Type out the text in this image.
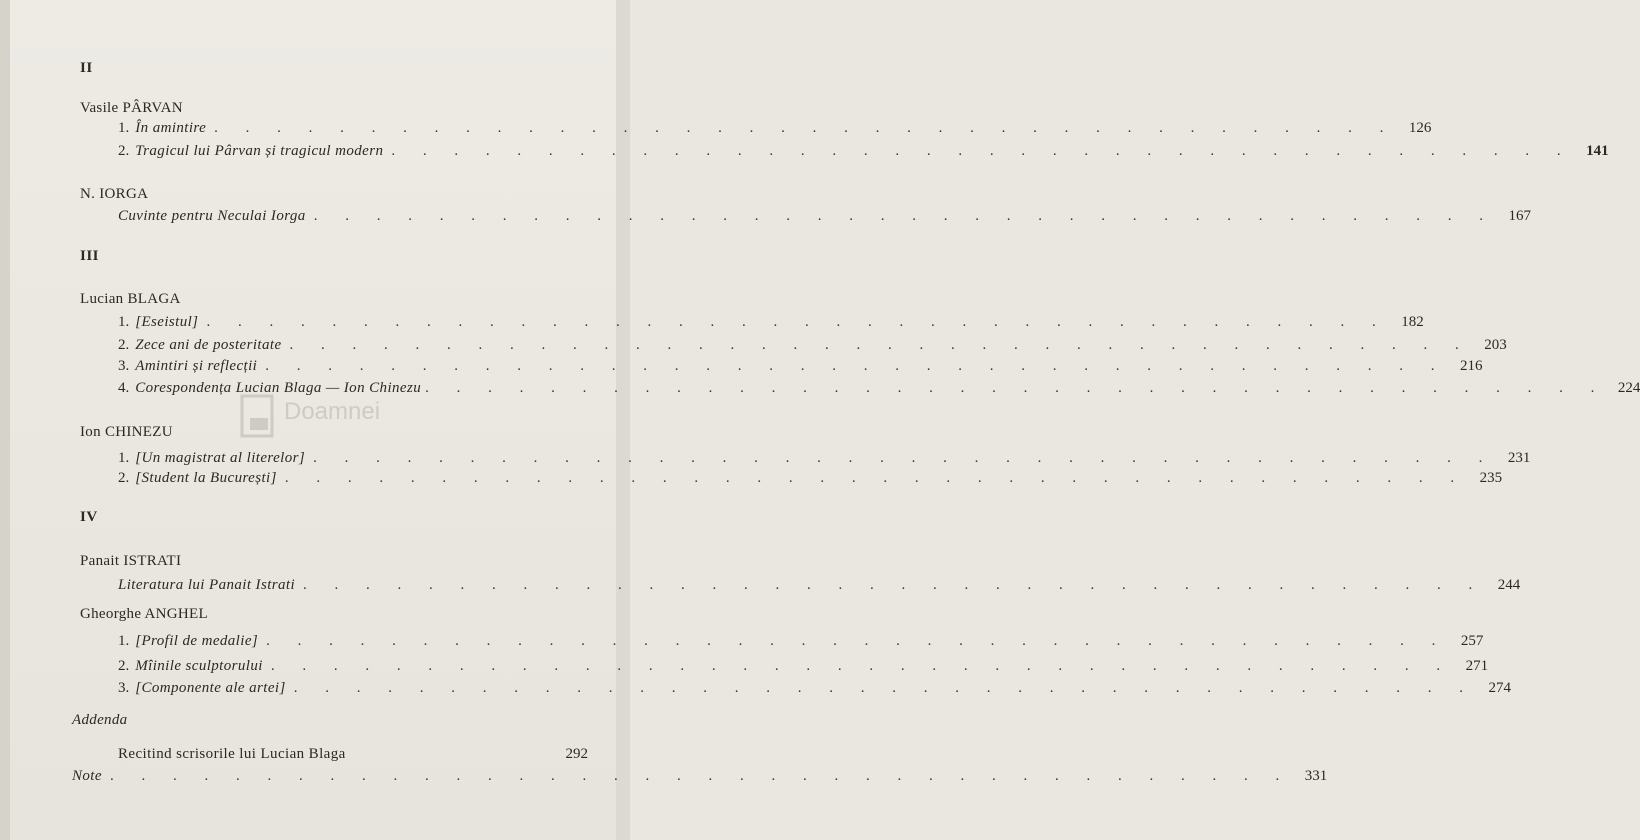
Doamnei
II
Vasile PÂRVAN
1. În amintire . . . . . . . . . . . . . . . . . . . . . . . . . . . . . . . . . . . . . . 126
2. Tragicul lui Pârvan și tragicul modern . . . . . . . . . . . . . . . . . . . . . . . . . . . . . . . . . . . . . . 141
N. IORGA
Cuvinte pentru Neculai Iorga . . . . . . . . . . . . . . . . . . . . . . . . . . . . . . . . . . . . . . 167
III
Lucian BLAGA
1. [Eseistul] . . . . . . . . . . . . . . . . . . . . . . . . . . . . . . . . . . . . . . 182
2. Zece ani de posteritate . . . . . . . . . . . . . . . . . . . . . . . . . . . . . . . . . . . . . . 203
3. Amintiri și reflecții . . . . . . . . . . . . . . . . . . . . . . . . . . . . . . . . . . . . . . 216
4. Corespondența Lucian Blaga — Ion Chinezu . . . . . . . . . . . . . . . . . . . . . . . . . . . . . . . . . . . . . . 224
Ion CHINEZU
1. [Un magistrat al literelor] . . . . . . . . . . . . . . . . . . . . . . . . . . . . . . . . . . . . . . 231
2. [Student la București] . . . . . . . . . . . . . . . . . . . . . . . . . . . . . . . . . . . . . . 235
IV
Panait ISTRATI
Literatura lui Panait Istrati . . . . . . . . . . . . . . . . . . . . . . . . . . . . . . . . . . . . . . 244
Gheorghe ANGHEL
1. [Profil de medalie] . . . . . . . . . . . . . . . . . . . . . . . . . . . . . . . . . . . . . . 257
2. Mîinile sculptorului . . . . . . . . . . . . . . . . . . . . . . . . . . . . . . . . . . . . . . 271
3. [Componente ale artei] . . . . . . . . . . . . . . . . . . . . . . . . . . . . . . . . . . . . . . 274
Addenda
Recitind scrisorile lui Lucian Blaga	292
Note . . . . . . . . . . . . . . . . . . . . . . . . . . . . . . . . . . . . . . 331
